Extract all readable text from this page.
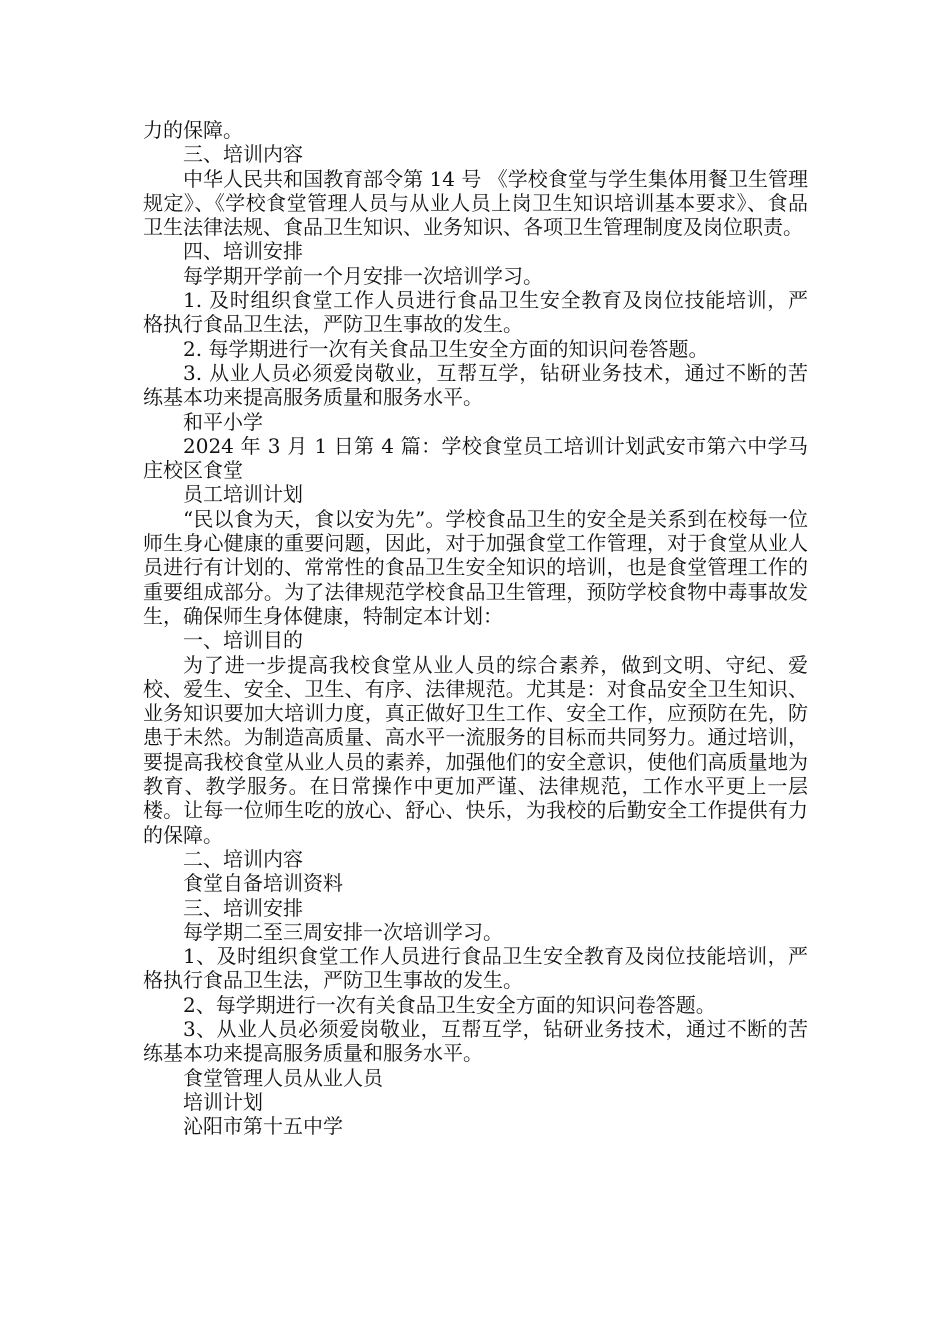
力的保障。

三、培训内容

中华人民共和国教育部令第 14 号 《学校食堂与学生集体用餐卫生管理规定》、《学校食堂管理人员与从业人员上岗卫生知识培训基本要求》、食品卫生法律法规、食品卫生知识、业务知识、各项卫生管理制度及岗位职责。

四、培训安排

每学期开学前一个月安排一次培训学习。

1. 及时组织食堂工作人员进行食品卫生安全教育及岗位技能培训，严格执行食品卫生法，严防卫生事故的发生。

2. 每学期进行一次有关食品卫生安全方面的知识问卷答题。

3. 从业人员必须爱岗敬业，互帮互学，钻研业务技术，通过不断的苦练基本功来提高服务质量和服务水平。

和平小学

2024 年 3 月 1 日第 4 篇：学校食堂员工培训计划武安市第六中学马庄校区食堂

员工培训计划

“民以食为天，食以安为先”。学校食品卫生的安全是关系到在校每一位师生身心健康的重要问题，因此，对于加强食堂工作管理，对于食堂从业人员进行有计划的、常常性的食品卫生安全知识的培训，也是食堂管理工作的重要组成部分。为了法律规范学校食品卫生管理，预防学校食物中毒事故发生，确保师生身体健康，特制定本计划：

一、培训目的

为了进一步提高我校食堂从业人员的综合素养，做到文明、守纪、爱校、爱生、安全、卫生、有序、法律规范。尤其是：对食品安全卫生知识、业务知识要加大培训力度，真正做好卫生工作、安全工作，应预防在先，防患于未然。为制造高质量、高水平一流服务的目标而共同努力。通过培训，要提高我校食堂从业人员的素养，加强他们的安全意识，使他们高质量地为教育、教学服务。在日常操作中更加严谨、法律规范，工作水平更上一层楼。让每一位师生吃的放心、舒心、快乐，为我校的后勤安全工作提供有力的保障。

二、培训内容

食堂自备培训资料

三、培训安排

每学期二至三周安排一次培训学习。

1、及时组织食堂工作人员进行食品卫生安全教育及岗位技能培训，严格执行食品卫生法，严防卫生事故的发生。

2、每学期进行一次有关食品卫生安全方面的知识问卷答题。

3、从业人员必须爱岗敬业，互帮互学，钻研业务技术，通过不断的苦练基本功来提高服务质量和服务水平。

食堂管理人员从业人员

培训计划

沁阳市第十五中学
